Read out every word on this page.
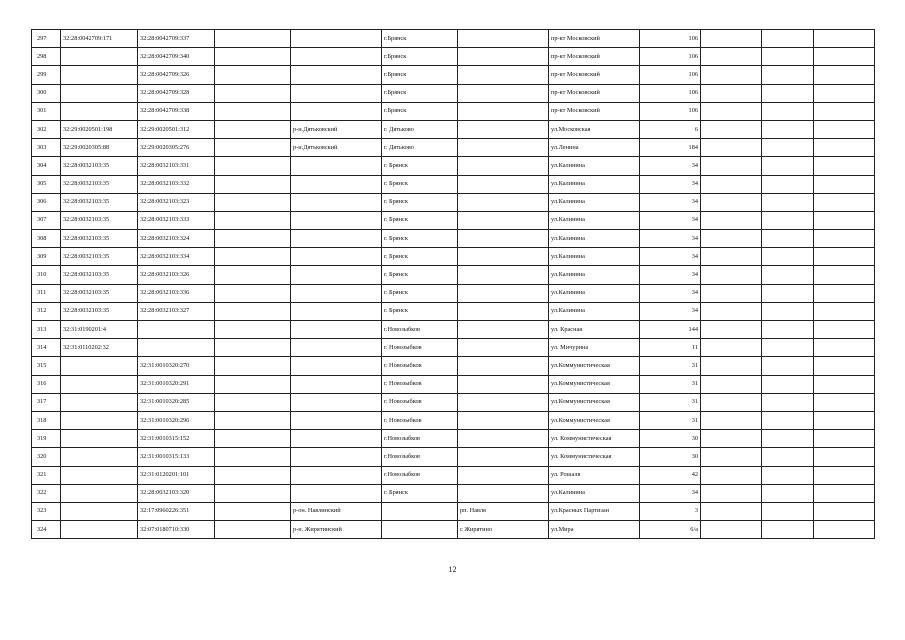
297	32:28:0042709:171	32:28:0042709:337			г.Брянск		пр-кт Московский	106			
298		32:28:0042709:340			г.Брянск		пр-кт Московский	106			
299		32:28:0042709:326			г.Брянск		пр-кт Московский	106			
300		32:28:0042709:328			г.Брянск		пр-кт Московский	106			
301		32:28:0042709:338			г.Брянск		пр-кт Московский	106			
302	32:29:0020501:198	32:29:0020501:312		р-н.Дятьковский	г. Дятьково		ул.Московская	6			
303	32:29:0020305:88	32:29:0020305:276		р-н.Дятьковский	г. Дятьково		ул.Ленина	184			
304	32:28:0032103:35	32:28:0032103:331			г. Брянск		ул.Калинина	34			
305	32:28:0032103:35	32:28:0032103:332			г. Брянск		ул.Калинина	34			
306	32:28:0032103:35	32:28:0032103:323			г. Брянск		ул.Калинина	34			
307	32:28:0032103:35	32:28:0032103:333			г. Брянск		ул.Калинина	34			
308	32:28:0032103:35	32:28:0032103:324			г. Брянск		ул.Калинина	34			
309	32:28:0032103:35	32:28:0032103:334			г. Брянск		ул.Калинина	34			
310	32:28:0032103:35	32:28:0032103:326			г. Брянск		ул.Калинина	34			
311	32:28:0032103:35	32:28:0032103:336			г. Брянск		ул.Калинина	34			
312	32:28:0032103:35	32:28:0032103:327			г. Брянск		ул.Калинина	34			
313	32:31:0190201:4				г.Новозыбков		ул. Красная	144			
314	32:31:0110202:32				г. Новозыбков		ул. Мичурина	11			
315		32:31:0010320:270			г. Новозыбков		ул.Коммунистическая	31			
316		32:31:0010320:291			г. Новозыбков		ул.Коммунистическая	31			
317		32:31:0010320:285			г. Новозыбков		ул.Коммунистическая	31			
318		32:31:0010320:296			г. Новозыбков		ул.Коммунистическая	31			
319		32:31:0010315:152			г.Новозыбков		ул. Коммунистическая	30			
320		32:31:0010315:133			г.Новозыбков		ул. Коммунистическая	30			
321		32:31:0120201:101			г.Новозыбков		ул. Рошаля	42			
322		32:28:0032103:320			г. Брянск		ул.Калинина	34			
323		32:17:0960226:351		р-он. Навлинский		рп. Навля	ул.Красных Партизан	3			
324		32:07:0180710:330		р-н. Жирятинский		с Жирятино	ул.Мира	6/а			
12
